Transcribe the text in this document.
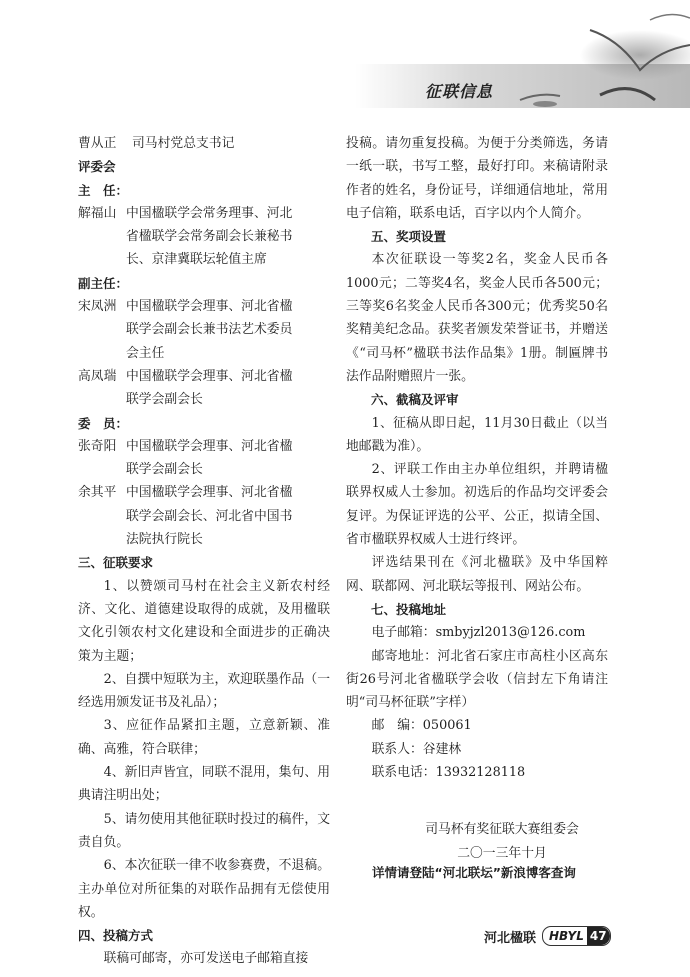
征联信息
曹从正	司马村党总支书记
评委会
主　任：
解福山 中国楹联学会常务理事、河北
省楹联学会常务副会长兼秘书
长、京津冀联坛轮值主席
副主任：
宋凤洲 中国楹联学会理事、河北省楹
联学会副会长兼书法艺术委员
会主任
高凤瑞 中国楹联学会理事、河北省楹
联学会副会长
委　员：
张奇阳 中国楹联学会理事、河北省楹
联学会副会长
余其平 中国楹联学会理事、河北省楹
联学会副会长、河北省中国书
法院执行院长
三、征联要求
1、以赞颂司马村在社会主义新农村经济、文化、道德建设取得的成就，及用楹联文化引领农村文化建设和全面进步的正确决策为主题；
2、自撰中短联为主，欢迎联墨作品（一经选用颁发证书及礼品）；
3、应征作品紧扣主题，立意新颖、准确、高雅，符合联律；
4、新旧声皆宜，同联不混用，集句、用典请注明出处；
5、请勿使用其他征联时投过的稿件，文责自负。
6、本次征联一律不收参赛费，不退稿。主办单位对所征集的对联作品拥有无偿使用权。
四、投稿方式
联稿可邮寄，亦可发送电子邮箱直接
投稿。请勿重复投稿。为便于分类筛选，务请一纸一联，书写工整，最好打印。来稿请附录作者的姓名，身份证号，详细通信地址，常用电子信箱，联系电话，百字以内个人简介。
五、奖项设置
本次征联设一等奖2名，奖金人民币各1000元；二等奖4名，奖金人民币各500元；三等奖6名奖金人民币各300元；优秀奖50名奖精美纪念品。获奖者颁发荣誉证书，并赠送《“司马杯”楹联书法作品集》1册。制匾牌书法作品附赠照片一张。
六、截稿及评审
1、征稿从即日起，11月30日截止（以当地邮戳为准）。
2、评联工作由主办单位组织，并聘请楹联界权威人士参加。初选后的作品均交评委会复评。为保证评选的公平、公正，拟请全国、省市楹联界权威人士进行终评。
评选结果刊在《河北楹联》及中华国粹网、联都网、河北联坛等报刊、网站公布。
七、投稿地址
电子邮箱：smbyjzl2013@126.com
邮寄地址：河北省石家庄市高柱小区高东街26号河北省楹联学会收（信封左下角请注明“司马杯征联”字样）
邮　编：050061
联系人：谷建林
联系电话：13932128118
司马杯有奖征联大赛组委会
二〇一三年十月
详情请登陆“河北联坛”新浪博客查询
河北楹联 HBYL 47
